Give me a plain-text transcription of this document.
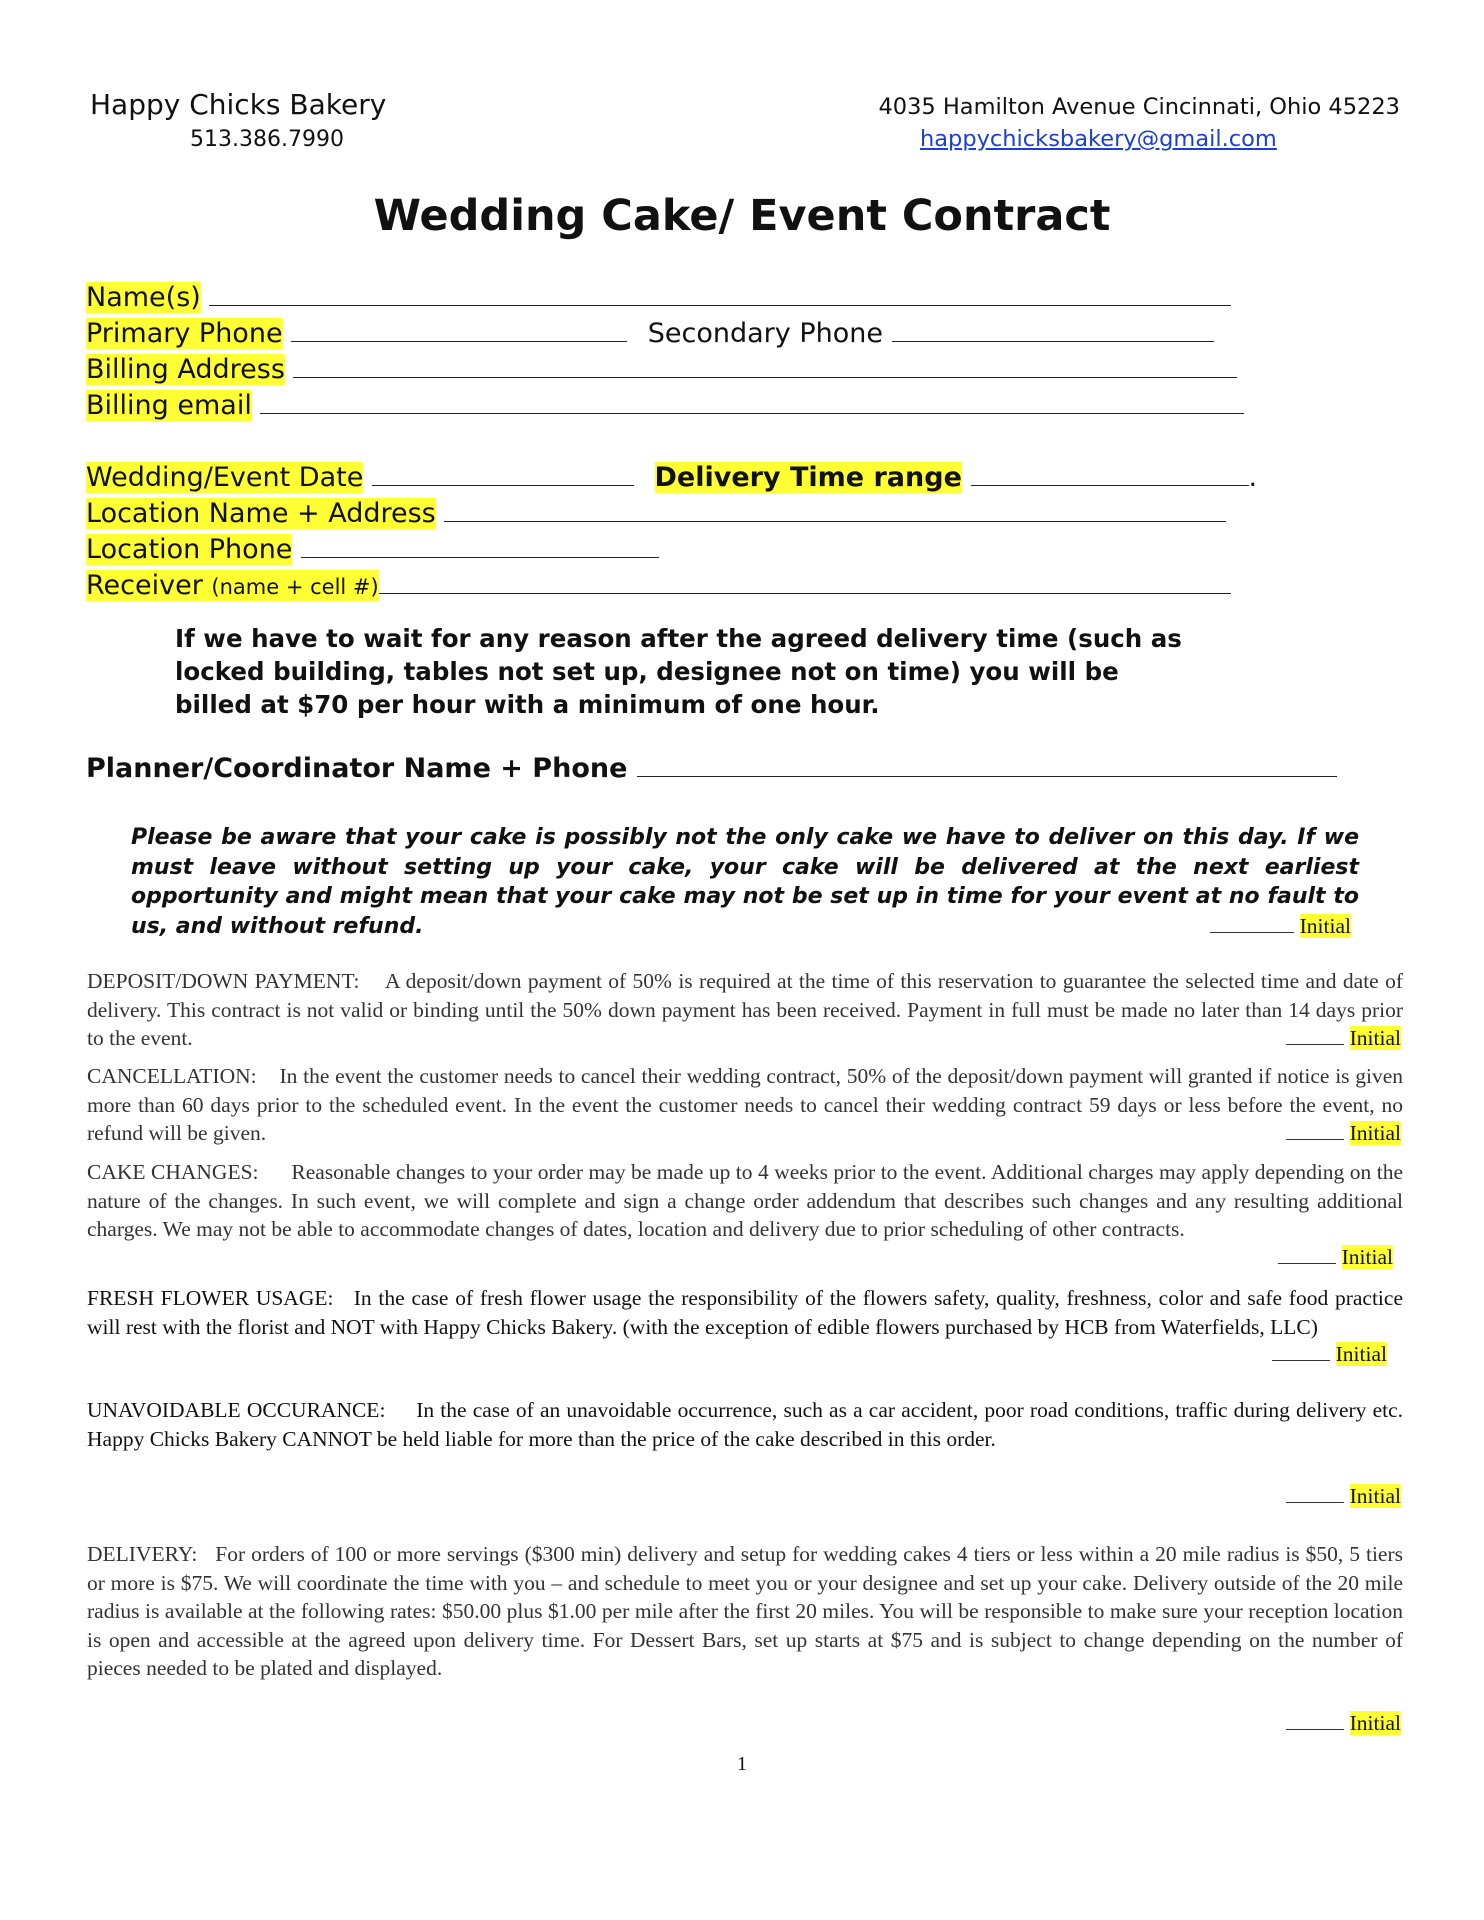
Happy Chicks Bakery
513.386.7990
4035 Hamilton Avenue Cincinnati, Ohio 45223
happychicksbakery@gmail.com
Wedding Cake/ Event Contract
Name(s)
Primary Phone	Secondary Phone
Billing Address
Billing email
Wedding/Event Date	Delivery Time range	.
Location Name + Address
Location Phone
Receiver (name + cell #)
If we have to wait for any reason after the agreed delivery time (such as locked building, tables not set up, designee not on time) you will be billed at $70 per hour with a minimum of one hour.
Planner/Coordinator Name + Phone
Please be aware that your cake is possibly not the only cake we have to deliver on this day. If we must leave without setting up your cake, your cake will be delivered at the next earliest opportunity and might mean that your cake may not be set up in time for your event at no fault to us, and without refund.	Initial
DEPOSIT/DOWN PAYMENT: A deposit/down payment of 50% is required at the time of this reservation to guarantee the selected time and date of delivery. This contract is not valid or binding until the 50% down payment has been received. Payment in full must be made no later than 14 days prior to the event.	Initial
CANCELLATION: In the event the customer needs to cancel their wedding contract, 50% of the deposit/down payment will granted if notice is given more than 60 days prior to the scheduled event. In the event the customer needs to cancel their wedding contract 59 days or less before the event, no refund will be given.	Initial
CAKE CHANGES: Reasonable changes to your order may be made up to 4 weeks prior to the event. Additional charges may apply depending on the nature of the changes. In such event, we will complete and sign a change order addendum that describes such changes and any resulting additional charges. We may not be able to accommodate changes of dates, location and delivery due to prior scheduling of other contracts.
Initial
FRESH FLOWER USAGE: In the case of fresh flower usage the responsibility of the flowers safety, quality, freshness, color and safe food practice will rest with the florist and NOT with Happy Chicks Bakery. (with the exception of edible flowers purchased by HCB from Waterfields, LLC)
Initial
UNAVOIDABLE OCCURANCE: In the case of an unavoidable occurrence, such as a car accident, poor road conditions, traffic during delivery etc. Happy Chicks Bakery CANNOT be held liable for more than the price of the cake described in this order.
Initial
DELIVERY: For orders of 100 or more servings ($300 min) delivery and setup for wedding cakes 4 tiers or less within a 20 mile radius is $50, 5 tiers or more is $75. We will coordinate the time with you – and schedule to meet you or your designee and set up your cake. Delivery outside of the 20 mile radius is available at the following rates: $50.00 plus $1.00 per mile after the first 20 miles. You will be responsible to make sure your reception location is open and accessible at the agreed upon delivery time. For Dessert Bars, set up starts at $75 and is subject to change depending on the number of pieces needed to be plated and displayed.
Initial
1
